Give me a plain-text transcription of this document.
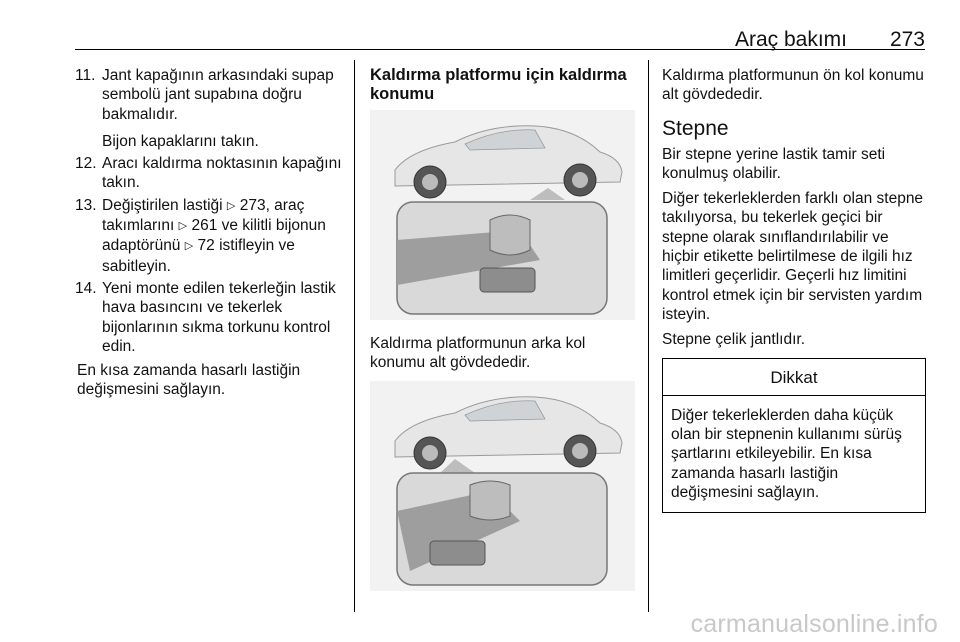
Araç bakımı 273
11. Jant kapağının arkasındaki supap sembolü jant supabına doğru bakmalıdır.
Bijon kapaklarını takın.
12. Aracı kaldırma noktasının kapağını takın.
13. Değiştirilen lastiği ▷ 273, araç takımlarını ▷ 261 ve kilitli bijonun adaptörünü ▷ 72 istifleyin ve sabitleyin.
14. Yeni monte edilen tekerleğin lastik hava basıncını ve tekerlek bijonlarının sıkma torkunu kontrol edin.
En kısa zamanda hasarlı lastiğin değişmesini sağlayın.
Kaldırma platformu için kaldırma konumu
Kaldırma platformunun arka kol konumu alt gövdededir.
Kaldırma platformunun ön kol konumu alt gövdededir.
Stepne
Bir stepne yerine lastik tamir seti konulmuş olabilir.
Diğer tekerleklerden farklı olan stepne takılıyorsa, bu tekerlek geçici bir stepne olarak sınıflandırılabilir ve hiçbir etikette belirtilmese de ilgili hız limitleri geçerlidir. Geçerli hız limitini kontrol etmek için bir servisten yardım isteyin.
Stepne çelik jantlıdır.
Dikkat
Diğer tekerleklerden daha küçük olan bir stepnenin kullanımı sürüş şartlarını etkileyebilir. En kısa zamanda hasarlı lastiğin değişmesini sağlayın.
carmanualsonline.info
